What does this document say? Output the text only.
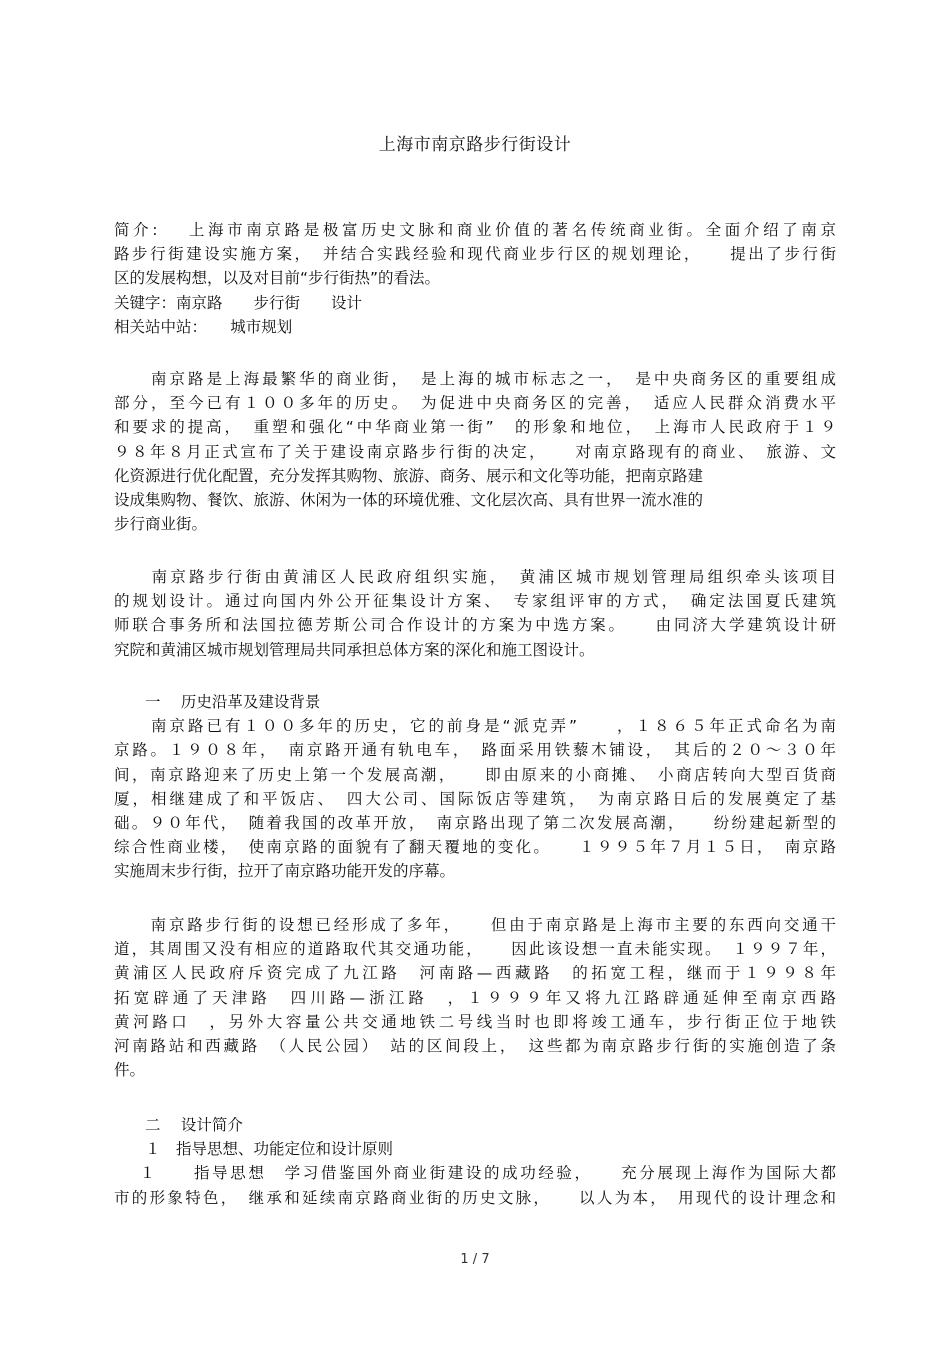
上海市南京路步行街设计
简介:　 上海市南京路是极富历史文脉和商业价值的著名传统商业街。全面介绍了南京
路步行街建设实施方案，　并结合实践经验和现代商业步行区的规划理论，　　提出了步行街
区的发展构想，以及对目前“步行街热”的看法。
关键字：南京路　　步行街　　设计
相关站中站：　　城市规划
　　南京路是上海最繁华的商业街，　是上海的城市标志之一，　是中央商务区的重要组成
部分，至今已有１００多年的历史。　为促进中央商务区的完善，　适应人民群众消费水平
和要求的提高，　重塑和强化“中华商业第一街”　的形象和地位，　上海市人民政府于１９
９８年８月正式宣布了关于建设南京路步行街的决定，　　对南京路现有的商业、　旅游、文
化资源进行优化配置，充分发挥其购物、旅游、商务、展示和文化等功能，把南京路建
设成集购物、餐饮、旅游、休闲为一体的环境优雅、文化层次高、具有世界一流水准的
步行商业街。
　　南京路步行街由黄浦区人民政府组织实施，　黄浦区城市规划管理局组织牵头该项目
的规划设计。通过向国内外公开征集设计方案、　专家组评审的方式，　确定法国夏氏建筑
师联合事务所和法国拉德芳斯公司合作设计的方案为中选方案。　　由同济大学建筑设计研
究院和黄浦区城市规划管理局共同承担总体方案的深化和施工图设计。
　　一　 历史沿革及建设背景
　　南京路已有１００多年的历史，它的前身是“派克弄”　　，１８６５年正式命名为南
京路。１９０８年，　南京路开通有轨电车，　路面采用铁藜木铺设，　其后的２０～３０年
间，南京路迎来了历史上第一个发展高潮，　　即由原来的小商摊、　小商店转向大型百货商
厦，相继建成了和平饭店、　四大公司、国际饭店等建筑，　为南京路日后的发展奠定了基
础。９０年代，　随着我国的改革开放，　南京路出现了第二次发展高潮，　　纷纷建起新型的
综合性商业楼，　使南京路的面貌有了翻天覆地的变化。　　１９９５年７月１５日，　南京路
实施周末步行街，拉开了南京路功能开发的序幕。
　　南京路步行街的设想已经形成了多年，　　但由于南京路是上海市主要的东西向交通干
道，其周围又没有相应的道路取代其交通功能，　　因此该设想一直未能实现。　１９９７年，
黄浦区人民政府斥资完成了九江路　河南路—西藏路　的拓宽工程，继而于１９９８年
拓宽辟通了天津路　四川路—浙江路　，１９９９年又将九江路辟通延伸至南京西路
黄河路口　，另外大容量公共交通地铁二号线当时也即将竣工通车，步行街正位于地铁
河南路站和西藏路　（人民公园）　站的区间段上，　这些都为南京路步行街的实施创造了条
件。
　　二　 设计简介
　　１　指导思想、功能定位和设计原则
　 １　　指导思想　学习借鉴国外商业街建设的成功经验，　　充分展现上海作为国际大都
市的形象特色，　继承和延续南京路商业街的历史文脉，　　以人为本，　用现代的设计理念和
1 / 7
